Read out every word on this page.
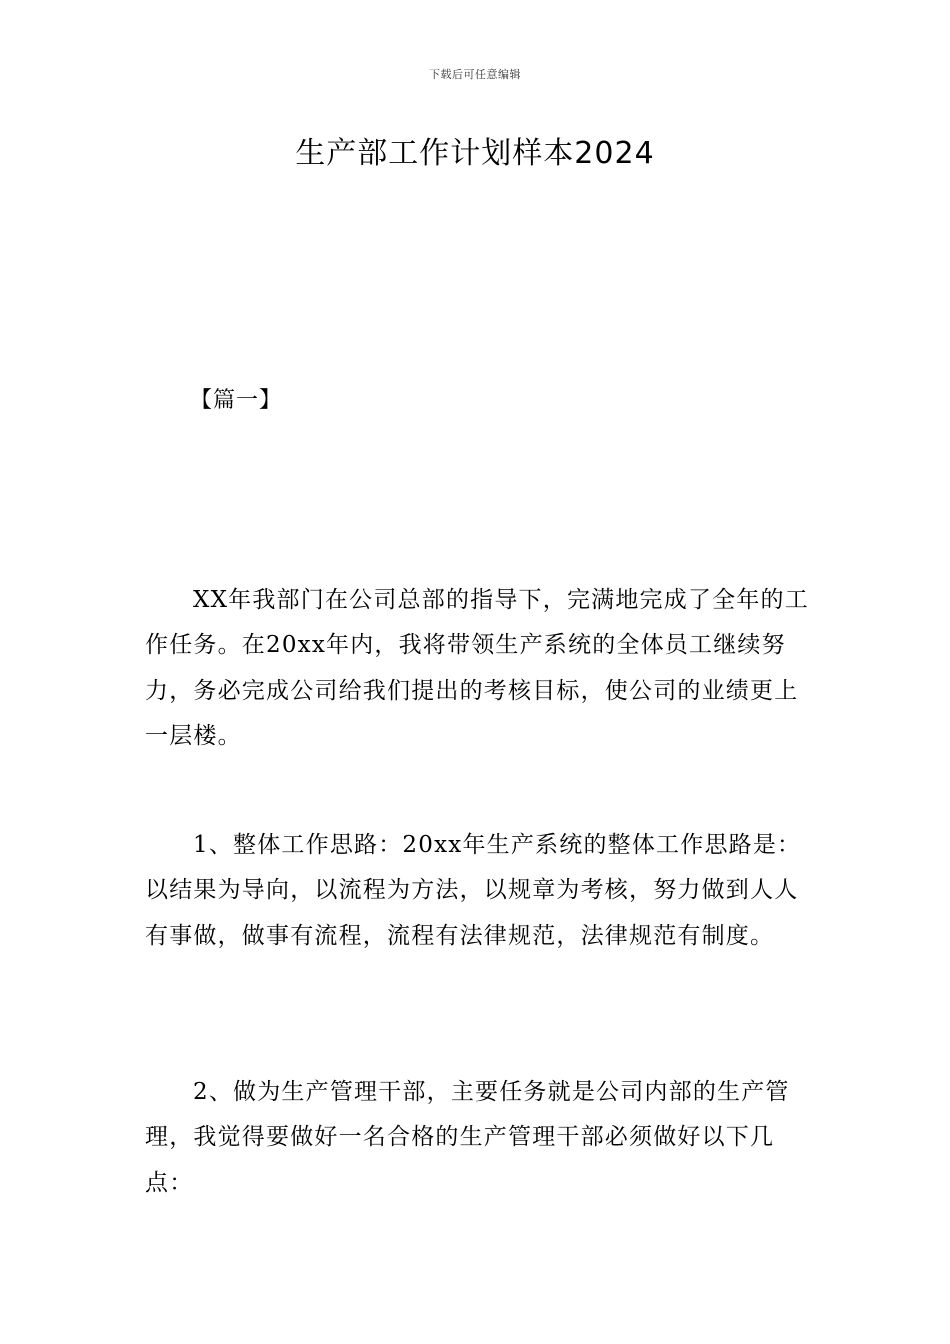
下载后可任意编辑
生产部工作计划样本2024
【篇一】

XX年我部门在公司总部的指导下，完满地完成了全年的工作任务。在20xx年内，我将带领生产系统的全体员工继续努力，务必完成公司给我们提出的考核目标，使公司的业绩更上一层楼。

1、整体工作思路：20xx年生产系统的整体工作思路是：以结果为导向，以流程为方法，以规章为考核，努力做到人人有事做，做事有流程，流程有法律规范，法律规范有制度。

2、做为生产管理干部，主要任务就是公司内部的生产管理，我觉得要做好一名合格的生产管理干部必须做好以下几点：
